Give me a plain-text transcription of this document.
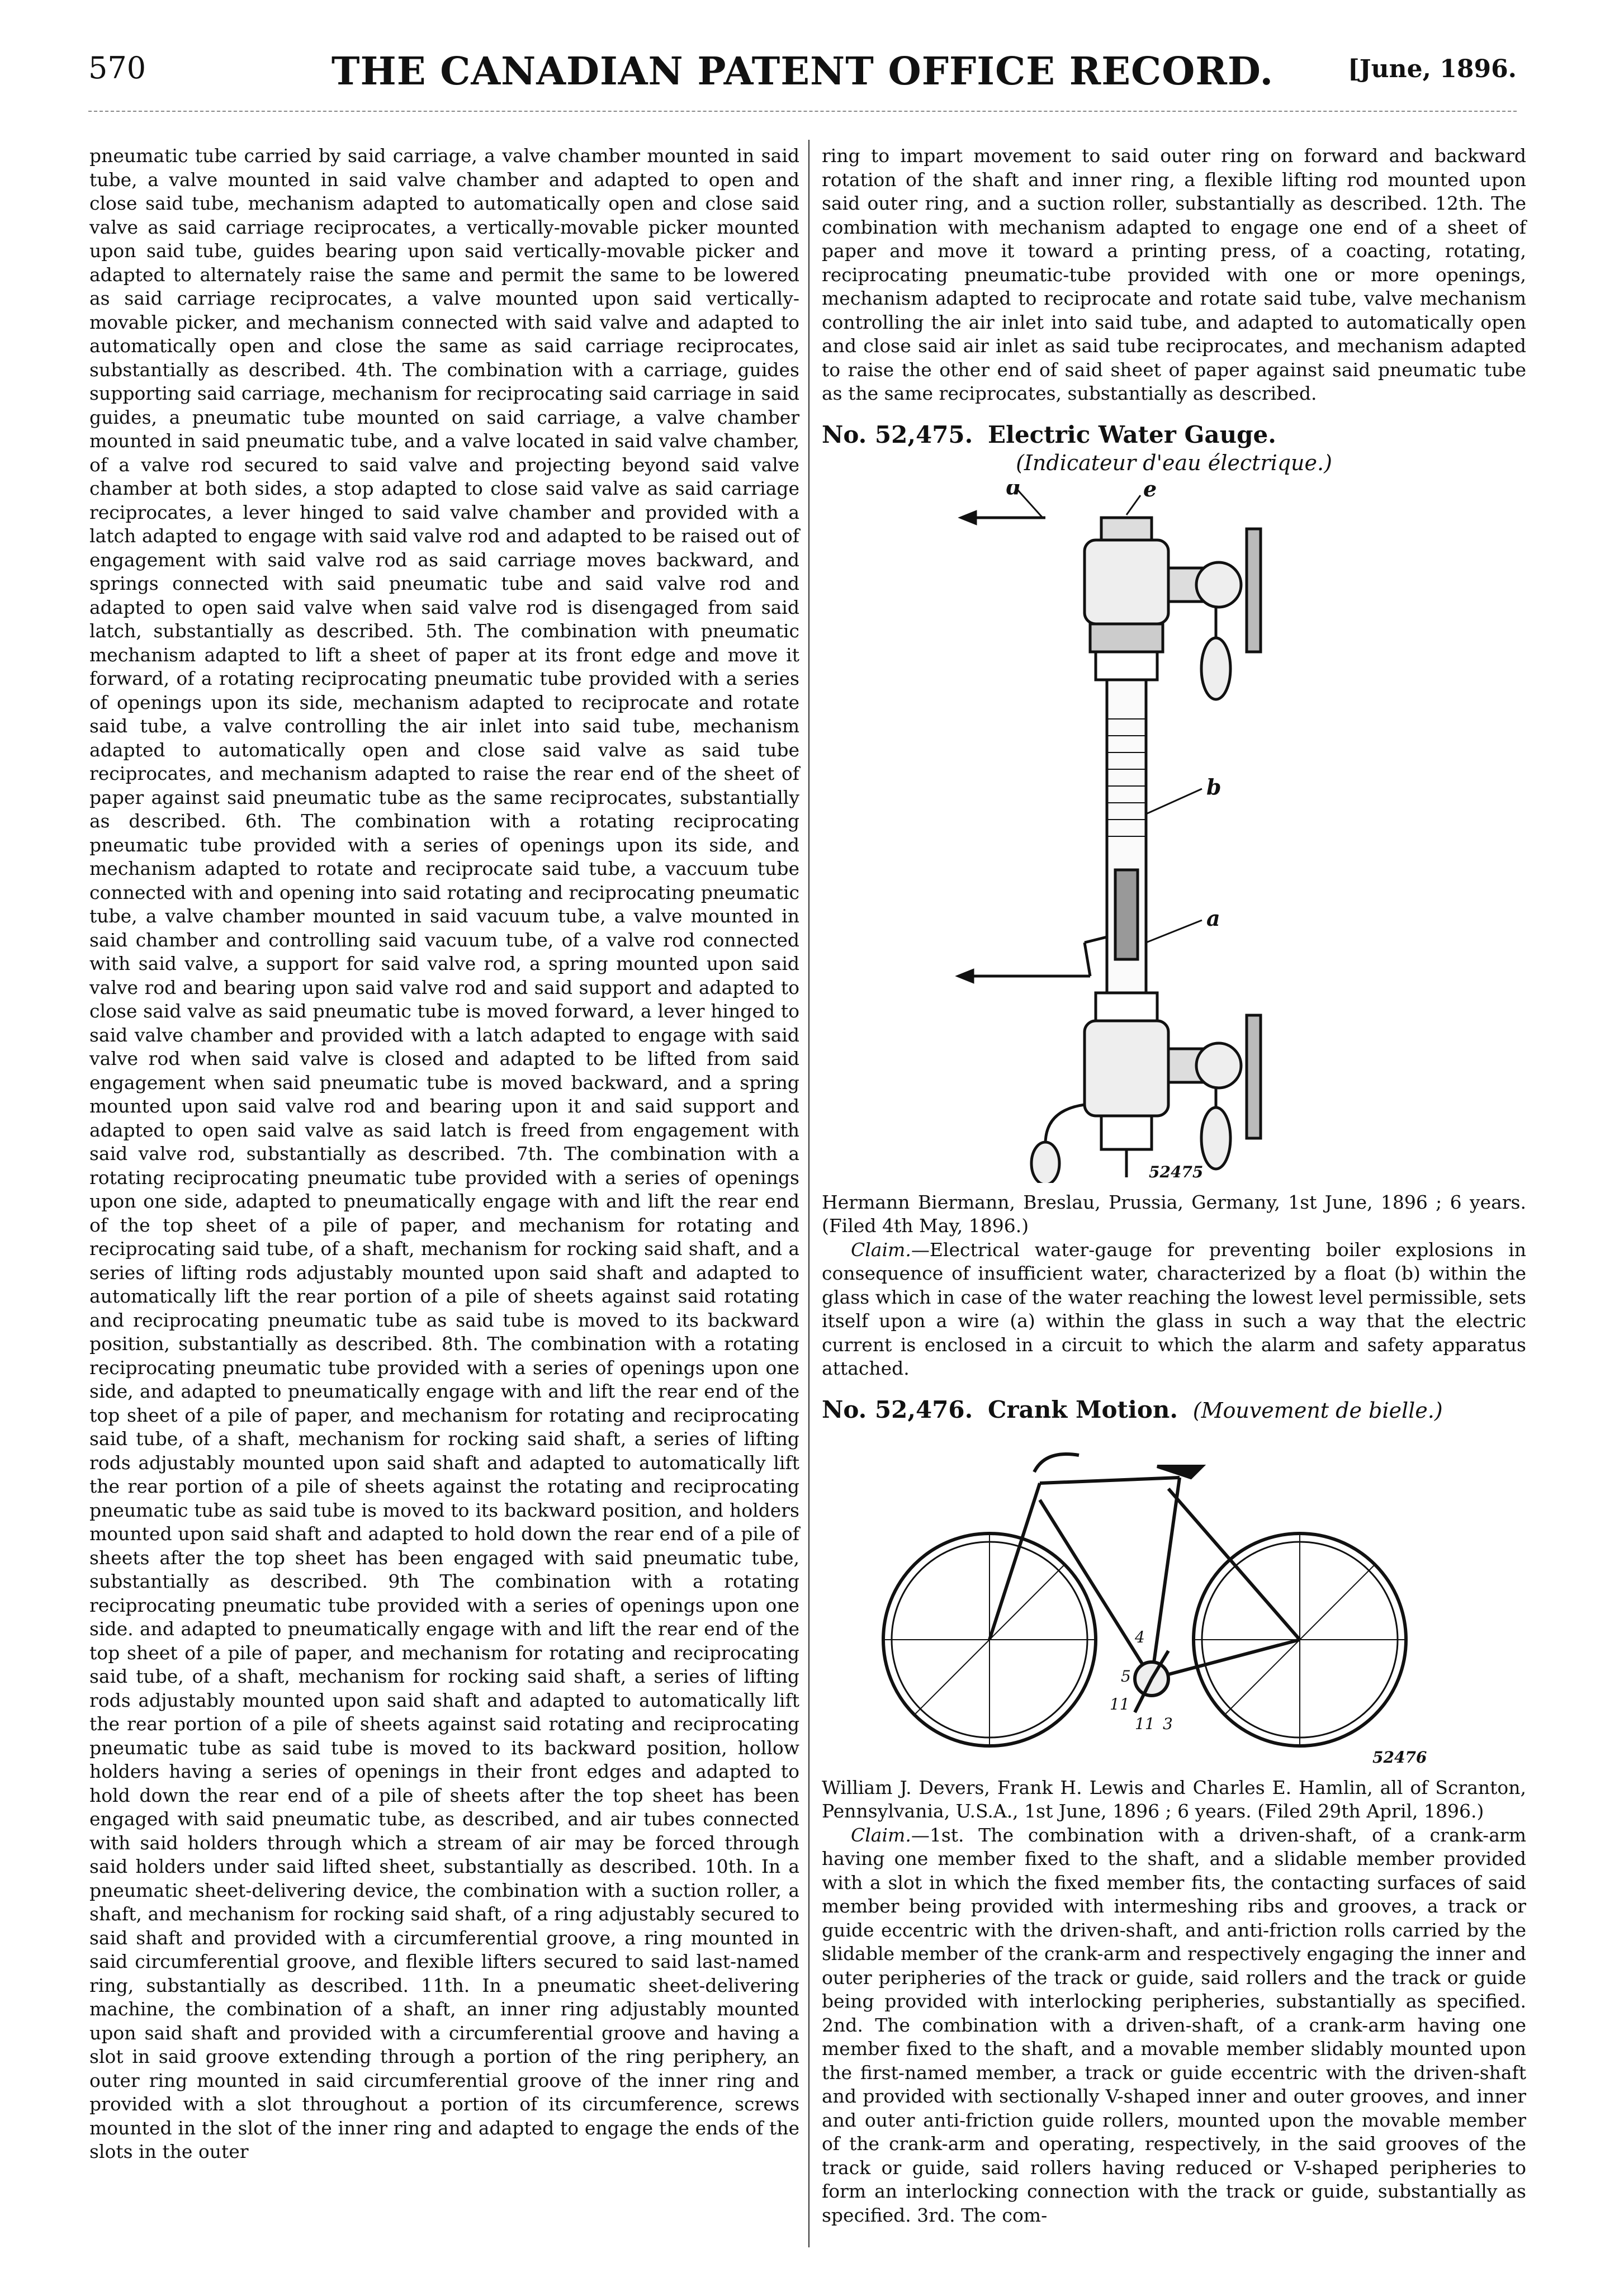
570	THE CANADIAN PATENT OFFICE RECORD.	[June, 1896.

pneumatic tube carried by said carriage, a valve chamber mounted in said tube, a valve mounted in said valve chamber and adapted to open and close said tube, mechanism adapted to automatically open and close said valve as said carriage reciprocates, a vertically-movable picker mounted upon said tube, guides bearing upon said vertically-movable picker and adapted to alternately raise the same and permit the same to be lowered as said carriage reciprocates, a valve mounted upon said vertically-movable picker, and mechanism connected with said valve and adapted to automatically open and close the same as said carriage reciprocates, substantially as described. 4th. The combination with a carriage, guides supporting said carriage, mechanism for reciprocating said carriage in said guides, a pneumatic tube mounted on said carriage, a valve chamber mounted in said pneumatic tube, and a valve located in said valve chamber, of a valve rod secured to said valve and projecting beyond said valve chamber at both sides, a stop adapted to close said valve as said carriage reciprocates, a lever hinged to said valve chamber and provided with a latch adapted to engage with said valve rod and adapted to be raised out of engagement with said valve rod as said carriage moves backward, and springs connected with said pneumatic tube and said valve rod and adapted to open said valve when said valve rod is disengaged from said latch, substantially as described. 5th. The combination with pneumatic mechanism adapted to lift a sheet of paper at its front edge and move it forward, of a rotating reciprocating pneumatic tube provided with a series of openings upon its side, mechanism adapted to reciprocate and rotate said tube, a valve controlling the air inlet into said tube, mechanism adapted to automatically open and close said valve as said tube reciprocates, and mechanism adapted to raise the rear end of the sheet of paper against said pneumatic tube as the same reciprocates, substantially as described. 6th. The combination with a rotating reciprocating pneumatic tube provided with a series of openings upon its side, and mechanism adapted to rotate and reciprocate said tube, a vaccuum tube connected with and opening into said rotating and reciprocating pneumatic tube, a valve chamber mounted in said vacuum tube, a valve mounted in said chamber and controlling said vacuum tube, of a valve rod connected with said valve, a support for said valve rod, a spring mounted upon said valve rod and bearing upon said valve rod and said support and adapted to close said valve as said pneumatic tube is moved forward, a lever hinged to said valve chamber and provided with a latch adapted to engage with said valve rod when said valve is closed and adapted to be lifted from said engagement when said pneumatic tube is moved backward, and a spring mounted upon said valve rod and bearing upon it and said support and adapted to open said valve as said latch is freed from engagement with said valve rod, substantially as described. 7th. The combination with a rotating reciprocating pneumatic tube provided with a series of openings upon one side, adapted to pneumatically engage with and lift the rear end of the top sheet of a pile of paper, and mechanism for rotating and reciprocating said tube, of a shaft, mechanism for rocking said shaft, and a series of lifting rods adjustably mounted upon said shaft and adapted to automatically lift the rear portion of a pile of sheets against said rotating and reciprocating pneumatic tube as said tube is moved to its backward position, substantially as described. 8th. The combination with a rotating reciprocating pneumatic tube provided with a series of openings upon one side, and adapted to pneumatically engage with and lift the rear end of the top sheet of a pile of paper, and mechanism for rotating and reciprocating said tube, of a shaft, mechanism for rocking said shaft, a series of lifting rods adjustably mounted upon said shaft and adapted to automatically lift the rear portion of a pile of sheets against the rotating and reciprocating pneumatic tube as said tube is moved to its backward position, and holders mounted upon said shaft and adapted to hold down the rear end of a pile of sheets after the top sheet has been engaged with said pneumatic tube, substantially as described. 9th The combination with a rotating reciprocating pneumatic tube provided with a series of openings upon one side. and adapted to pneumatically engage with and lift the rear end of the top sheet of a pile of paper, and mechanism for rotating and reciprocating said tube, of a shaft, mechanism for rocking said shaft, a series of lifting rods adjustably mounted upon said shaft and adapted to automatically lift the rear portion of a pile of sheets against said rotating and reciprocating pneumatic tube as said tube is moved to its backward position, hollow holders having a series of openings in their front edges and adapted to hold down the rear end of a pile of sheets after the top sheet has been engaged with said pneumatic tube, as described, and air tubes connected with said holders through which a stream of air may be forced through said holders under said lifted sheet, substantially as described. 10th. In a pneumatic sheet-delivering device, the combination with a suction roller, a shaft, and mechanism for rocking said shaft, of a ring adjustably secured to said shaft and provided with a circumferential groove, a ring mounted in said circumferential groove, and flexible lifters secured to said last-named ring, substantially as described. 11th. In a pneumatic sheet-delivering machine, the combination of a shaft, an inner ring adjustably mounted upon said shaft and provided with a circumferential groove and having a slot in said groove extending through a portion of the ring periphery, an outer ring mounted in said circumferential groove of the inner ring and provided with a slot throughout a portion of its circumference, screws mounted in the slot of the inner ring and adapted to engage the ends of the slots in the outer

ring to impart movement to said outer ring on forward and backward rotation of the shaft and inner ring, a flexible lifting rod mounted upon said outer ring, and a suction roller, substantially as described. 12th. The combination with mechanism adapted to engage one end of a sheet of paper and move it toward a printing press, of a coacting, rotating, reciprocating pneumatic-tube provided with one or more openings, mechanism adapted to reciprocate and rotate said tube, valve mechanism controlling the air inlet into said tube, and adapted to automatically open and close said air inlet as said tube reciprocates, and mechanism adapted to raise the other end of said sheet of paper against said pneumatic tube as the same reciprocates, substantially as described.

No. 52,475. Electric Water Gauge.
(Indicateur d'eau électrique.)
d	e
b
a
52475

Hermann Biermann, Breslau, Prussia, Germany, 1st June, 1896 ; 6 years. (Filed 4th May, 1896.)

Claim.—Electrical water-gauge for preventing boiler explosions in consequence of insufficient water, characterized by a float (b) within the glass which in case of the water reaching the lowest level permissible, sets itself upon a wire (a) within the glass in such a way that the electric current is enclosed in a circuit to which the alarm and safety apparatus attached.

No. 52,476. Crank Motion. (Mouvement de bielle.)
4
5
11
11 3
52476

William J. Devers, Frank H. Lewis and Charles E. Hamlin, all of Scranton, Pennsylvania, U.S.A., 1st June, 1896 ; 6 years. (Filed 29th April, 1896.)

Claim.—1st. The combination with a driven-shaft, of a crank-arm having one member fixed to the shaft, and a slidable member provided with a slot in which the fixed member fits, the contacting surfaces of said member being provided with intermeshing ribs and grooves, a track or guide eccentric with the driven-shaft, and anti-friction rolls carried by the slidable member of the crank-arm and respectively engaging the inner and outer peripheries of the track or guide, said rollers and the track or guide being provided with interlocking peripheries, substantially as specified. 2nd. The combination with a driven-shaft, of a crank-arm having one member fixed to the shaft, and a movable member slidably mounted upon the first-named member, a track or guide eccentric with the driven-shaft and provided with sectionally V-shaped inner and outer grooves, and inner and outer anti-friction guide rollers, mounted upon the movable member of the crank-arm and operating, respectively, in the said grooves of the track or guide, said rollers having reduced or V-shaped peripheries to form an interlocking connection with the track or guide, substantially as specified. 3rd. The com-
